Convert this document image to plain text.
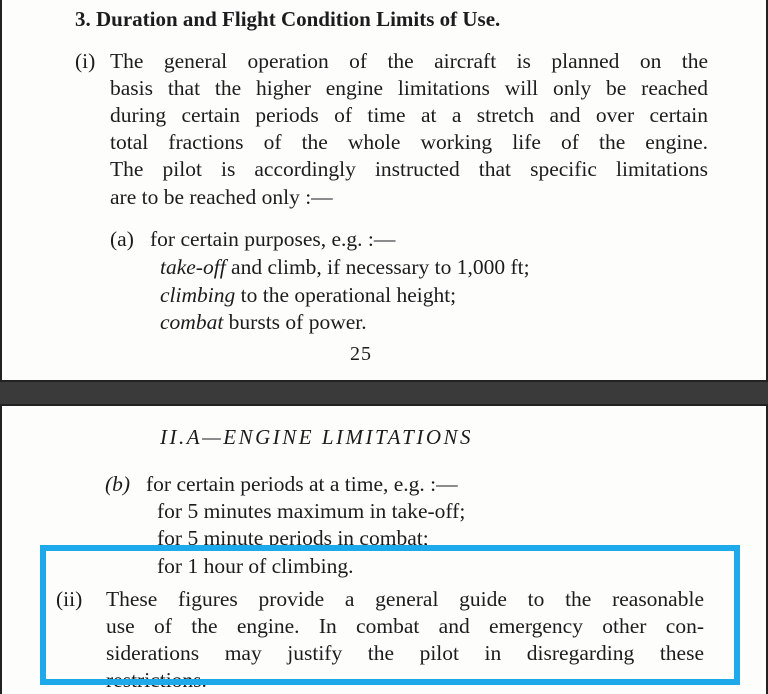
3. Duration and Flight Condition Limits of Use.
(i) The general operation of the aircraft is planned on the
basis that the higher engine limitations will only be reached
during certain periods of time at a stretch and over certain
total fractions of the whole working life of the engine.
The pilot is accordingly instructed that specific limitations
are to be reached only :—
(a) for certain purposes, e.g. :—
take-off and climb, if necessary to 1,000 ft;
climbing to the operational height;
combat bursts of power.
25
II.A—ENGINE LIMITATIONS
(b) for certain periods at a time, e.g. :—
for 5 minutes maximum in take-off;
for 5 minute periods in combat;
for 1 hour of climbing.
(ii) These figures provide a general guide to the reasonable
use of the engine. In combat and emergency other con-
siderations may justify the pilot in disregarding these
restrictions.
